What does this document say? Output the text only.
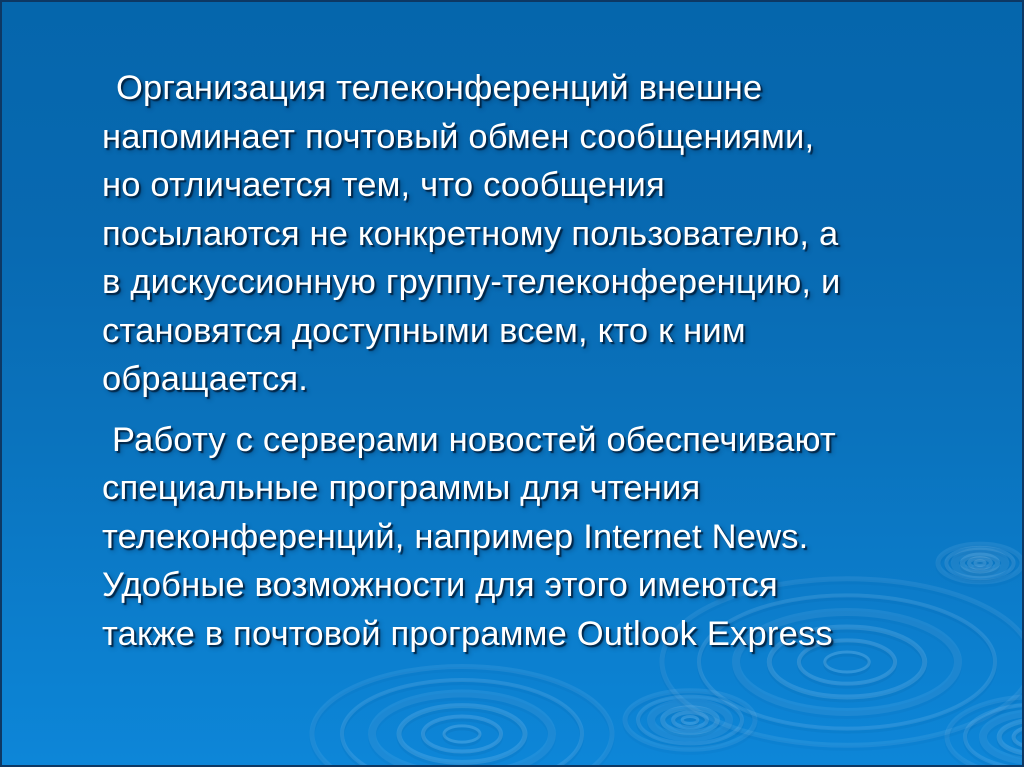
Организация телеконференций внешне
напоминает почтовый обмен сообщениями,
но отличается тем, что сообщения
посылаются не конкретному пользователю, а
в дискуссионную группу-телеконференцию, и
становятся доступными всем, кто к ним
обращается.

Работу с серверами новостей обеспечивают
специальные программы для чтения
телеконференций, например Internet News.
Удобные возможности для этого имеются
также в почтовой программе Outlook Express
